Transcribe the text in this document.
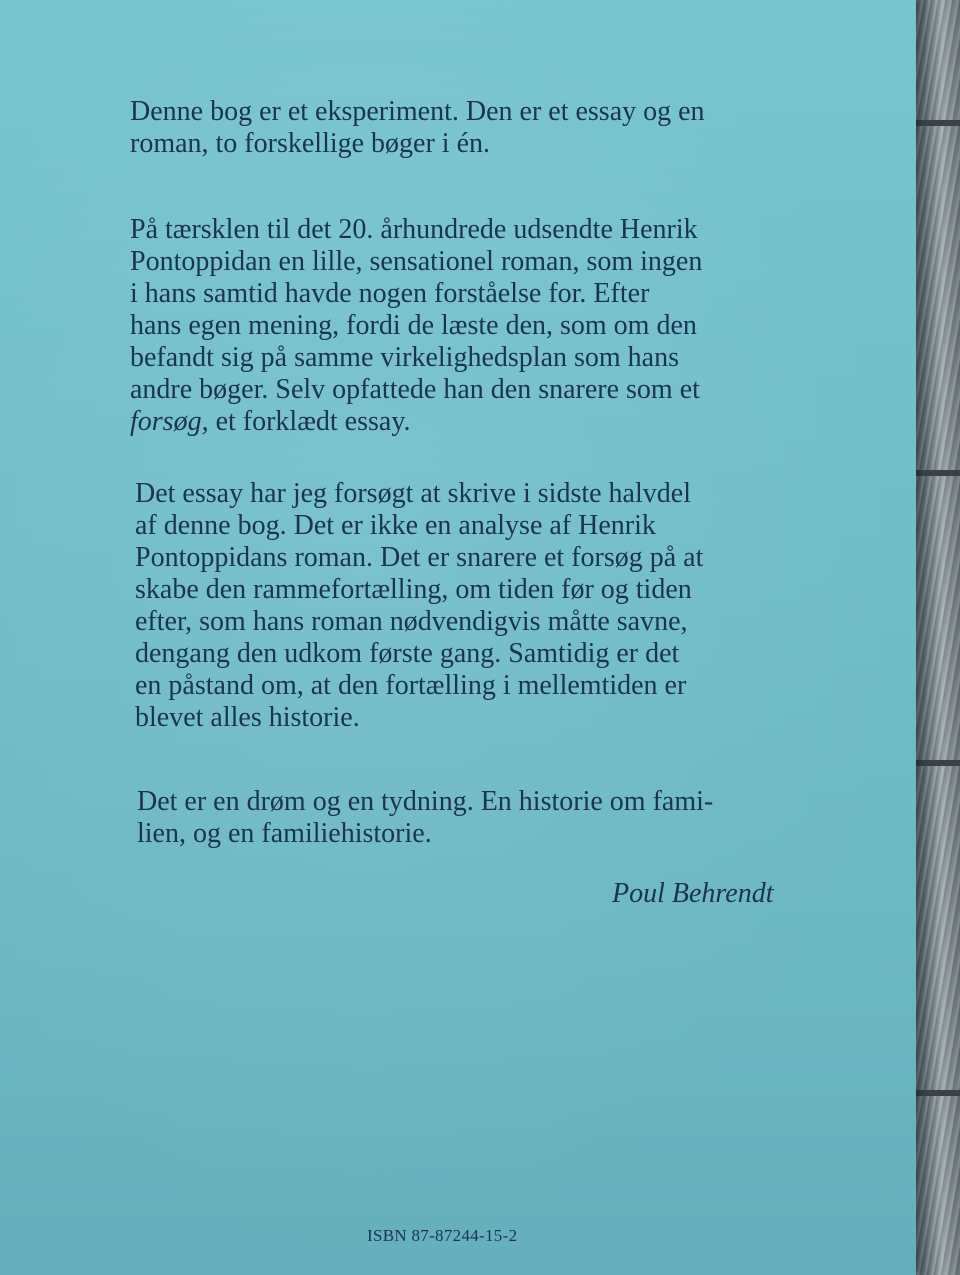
Denne bog er et eksperiment. Den er et essay og en
roman, to forskellige bøger i én.
På tærsklen til det 20. århundrede udsendte Henrik
Pontoppidan en lille, sensationel roman, som ingen
i hans samtid havde nogen forståelse for. Efter
hans egen mening, fordi de læste den, som om den
befandt sig på samme virkelighedsplan som hans
andre bøger. Selv opfattede han den snarere som et
forsøg, et forklædt essay.
Det essay har jeg forsøgt at skrive i sidste halvdel
af denne bog. Det er ikke en analyse af Henrik
Pontoppidans roman. Det er snarere et forsøg på at
skabe den rammefortælling, om tiden før og tiden
efter, som hans roman nødvendigvis måtte savne,
dengang den udkom første gang. Samtidig er det
en påstand om, at den fortælling i mellemtiden er
blevet alles historie.
Det er en drøm og en tydning. En historie om fami-
lien, og en familiehistorie.
Poul Behrendt
ISBN 87-87244-15-2
